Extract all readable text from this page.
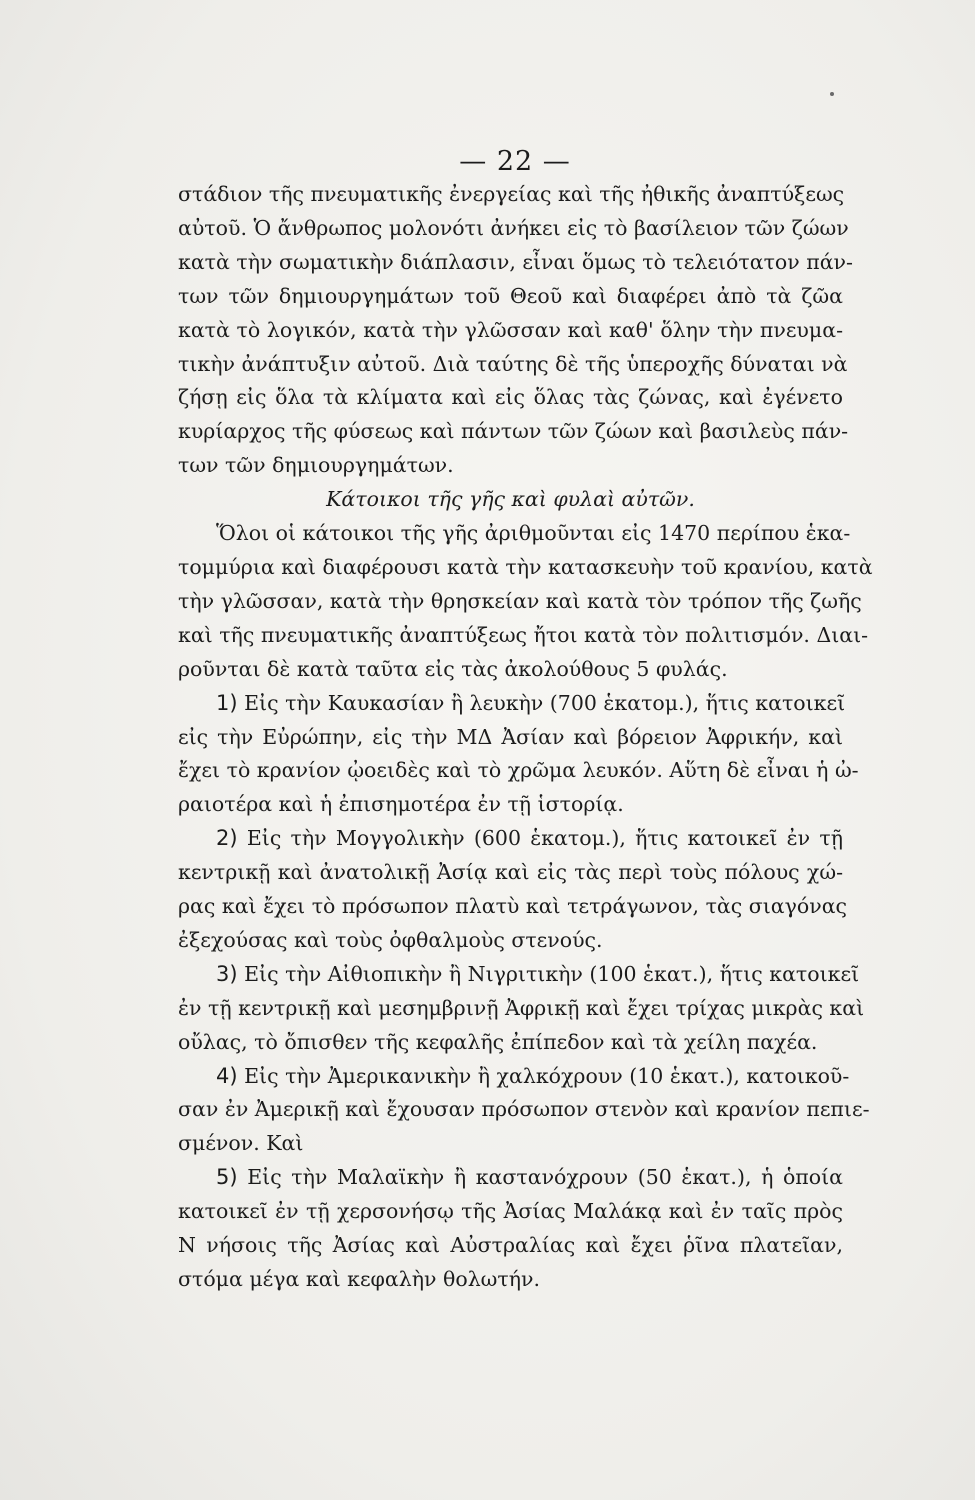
— 22 —
στάδιον τῆς πνευματικῆς ἐνεργείας καὶ τῆς ἠθικῆς ἀναπτύξεως
αὐτοῦ. Ὁ ἄνθρωπος μολονότι ἀνήκει εἰς τὸ βασίλειον τῶν ζώων
κατὰ τὴν σωματικὴν διάπλασιν, εἶναι ὅμως τὸ τελειότατον πάν-
των τῶν δημιουργημάτων τοῦ Θεοῦ καὶ διαφέρει ἀπὸ τὰ ζῶα
κατὰ τὸ λογικόν, κατὰ τὴν γλῶσσαν καὶ καθ' ὅλην τὴν πνευμα-
τικὴν ἀνάπτυξιν αὐτοῦ. Διὰ ταύτης δὲ τῆς ὑπεροχῆς δύναται νὰ
ζήσῃ εἰς ὅλα τὰ κλίματα καὶ εἰς ὅλας τὰς ζώνας, καὶ ἐγένετο
κυρίαρχος τῆς φύσεως καὶ πάντων τῶν ζώων καὶ βασιλεὺς πάν-
των τῶν δημιουργημάτων.
Κάτοικοι τῆς γῆς καὶ φυλαὶ αὐτῶν.
Ὅλοι οἱ κάτοικοι τῆς γῆς ἀριθμοῦνται εἰς 1470 περίπου ἑκα-
τομμύρια καὶ διαφέρουσι κατὰ τὴν κατασκευὴν τοῦ κρανίου, κατὰ
τὴν γλῶσσαν, κατὰ τὴν θρησκείαν καὶ κατὰ τὸν τρόπον τῆς ζωῆς
καὶ τῆς πνευματικῆς ἀναπτύξεως ἤτοι κατὰ τὸν πολιτισμόν. Διαι-
ροῦνται δὲ κατὰ ταῦτα εἰς τὰς ἀκολούθους 5 φυλάς.
1) Εἰς τὴν Καυκασίαν ἢ λευκὴν (700 ἑκατομ.), ἥτις κατοικεῖ
εἰς τὴν Εὐρώπην, εἰς τὴν ΜΔ Ἀσίαν καὶ βόρειον Ἀφρικήν, καὶ
ἔχει τὸ κρανίον ᾠοειδὲς καὶ τὸ χρῶμα λευκόν. Αὕτη δὲ εἶναι ἡ ὠ-
ραιοτέρα καὶ ἡ ἐπισημοτέρα ἐν τῇ ἱστορίᾳ.
2) Εἰς τὴν Μογγολικὴν (600 ἑκατομ.), ἥτις κατοικεῖ ἐν τῇ
κεντρικῇ καὶ ἀνατολικῇ Ἀσίᾳ καὶ εἰς τὰς περὶ τοὺς πόλους χώ-
ρας καὶ ἔχει τὸ πρόσωπον πλατὺ καὶ τετράγωνον, τὰς σιαγόνας
ἐξεχούσας καὶ τοὺς ὀφθαλμοὺς στενούς.
3) Εἰς τὴν Αἰθιοπικὴν ἢ Νιγριτικὴν (100 ἑκατ.), ἥτις κατοικεῖ
ἐν τῇ κεντρικῇ καὶ μεσημβρινῇ Ἀφρικῇ καὶ ἔχει τρίχας μικρὰς καὶ
οὔλας, τὸ ὄπισθεν τῆς κεφαλῆς ἐπίπεδον καὶ τὰ χείλη παχέα.
4) Εἰς τὴν Ἀμερικανικὴν ἢ χαλκόχρουν (10 ἑκατ.), κατοικοῦ-
σαν ἐν Ἀμερικῇ καὶ ἔχουσαν πρόσωπον στενὸν καὶ κρανίον πεπιε-
σμένον. Καὶ
5) Εἰς τὴν Μαλαϊκὴν ἢ καστανόχρουν (50 ἑκατ.), ἡ ὁποία
κατοικεῖ ἐν τῇ χερσονήσῳ τῆς Ἀσίας Μαλάκᾳ καὶ ἐν ταῖς πρὸς
Ν νήσοις τῆς Ἀσίας καὶ Αὐστραλίας καὶ ἔχει ῥῖνα πλατεῖαν,
στόμα μέγα καὶ κεφαλὴν θολωτήν.
